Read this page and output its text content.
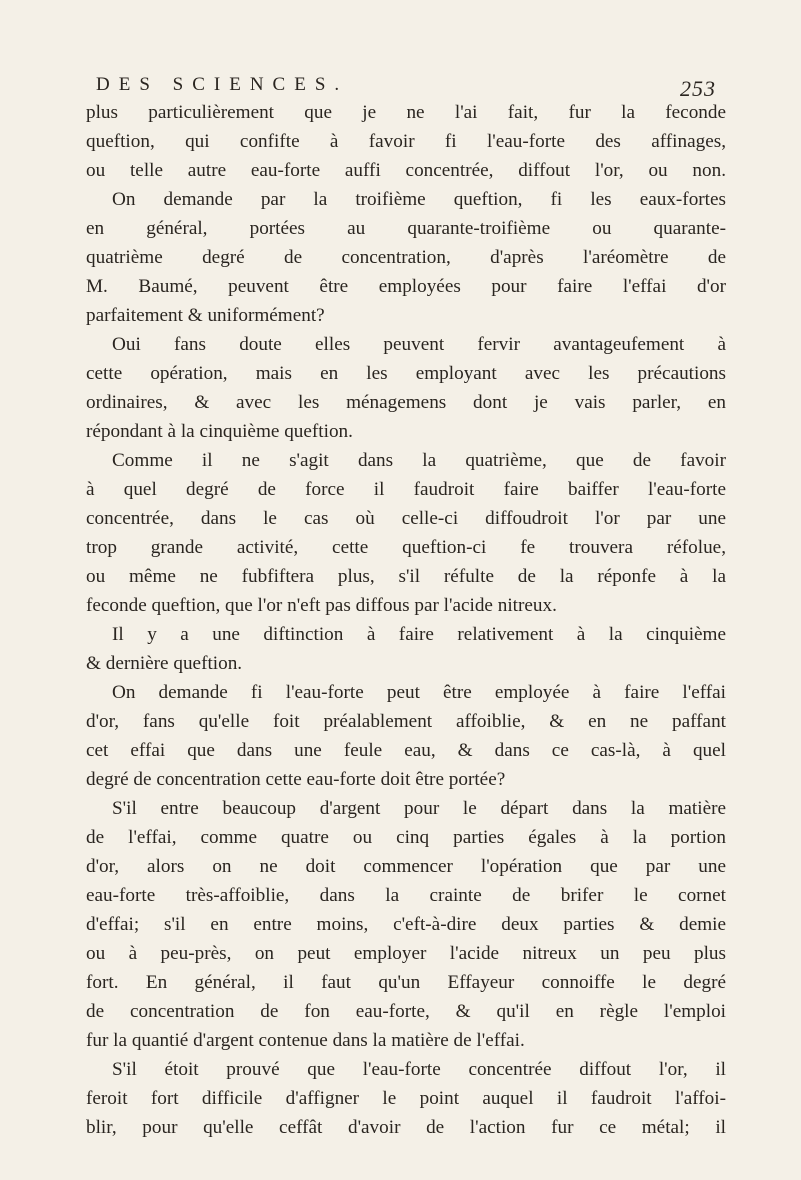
DES SCIENCES.	253
plus particulièrement que je ne l'ai fait, fur la feconde
queftion, qui confifte à favoir fi l'eau-forte des affinages,
ou telle autre eau-forte auffi concentrée, diffout l'or, ou non.
On demande par la troifième queftion, fi les eaux-fortes
en général, portées au quarante-troifième ou quarante-
quatrième degré de concentration, d'après l'aréomètre de
M. Baumé, peuvent être employées pour faire l'effai d'or
parfaitement & uniformément?
Oui fans doute elles peuvent fervir avantageufement à
cette opération, mais en les employant avec les précautions
ordinaires, & avec les ménagemens dont je vais parler, en
répondant à la cinquième queftion.
Comme il ne s'agit dans la quatrième, que de favoir
à quel degré de force il faudroit faire baiffer l'eau-forte
concentrée, dans le cas où celle-ci diffoudroit l'or par une
trop grande activité, cette queftion-ci fe trouvera réfolue,
ou même ne fubfiftera plus, s'il réfulte de la réponfe à la
feconde queftion, que l'or n'eft pas diffous par l'acide nitreux.
Il y a une diftinction à faire relativement à la cinquième
& dernière queftion.
On demande fi l'eau-forte peut être employée à faire l'effai
d'or, fans qu'elle foit préalablement affoiblie, & en ne paffant
cet effai que dans une feule eau, & dans ce cas-là, à quel
degré de concentration cette eau-forte doit être portée?
S'il entre beaucoup d'argent pour le départ dans la matière
de l'effai, comme quatre ou cinq parties égales à la portion
d'or, alors on ne doit commencer l'opération que par une
eau-forte très-affoiblie, dans la crainte de brifer le cornet
d'effai; s'il en entre moins, c'eft-à-dire deux parties & demie
ou à peu-près, on peut employer l'acide nitreux un peu plus
fort. En général, il faut qu'un Effayeur connoiffe le degré
de concentration de fon eau-forte, & qu'il en règle l'emploi
fur la quantié d'argent contenue dans la matière de l'effai.
S'il étoit prouvé que l'eau-forte concentrée diffout l'or, il
feroit fort difficile d'affigner le point auquel il faudroit l'affoi-
blir, pour qu'elle ceffât d'avoir de l'action fur ce métal; il
